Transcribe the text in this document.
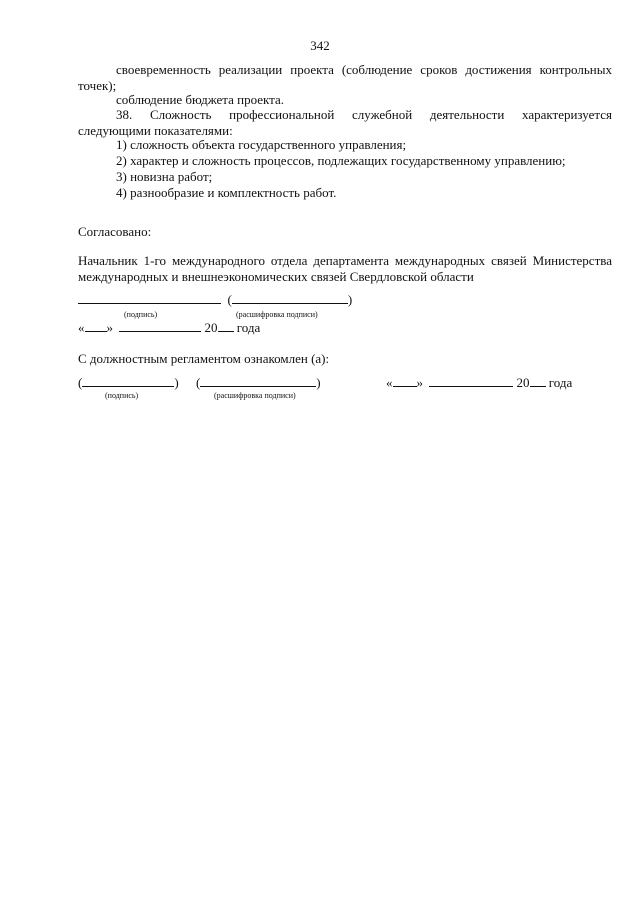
342
своевременность реализации проекта (соблюдение сроков достижения контрольных
точек);
соблюдение бюджета проекта.
38. Сложность профессиональной служебной деятельности характеризуется
следующими показателями:
1) сложность объекта государственного управления;
2) характер и сложность процессов, подлежащих государственному управлению;
3) новизна работ;
4) разнообразие и комплектность работ.
Согласовано:
Начальник 1-го международного отдела департамента международных связей Министерства
международных и внешнеэкономических связей Свердловской области
(	)
(подпись)	(расшифровка подписи)
« »	20 года
С должностным регламентом ознакомлен (а):
(	) (	)
(подпись)	(расшифровка подписи)
« »	20 года
